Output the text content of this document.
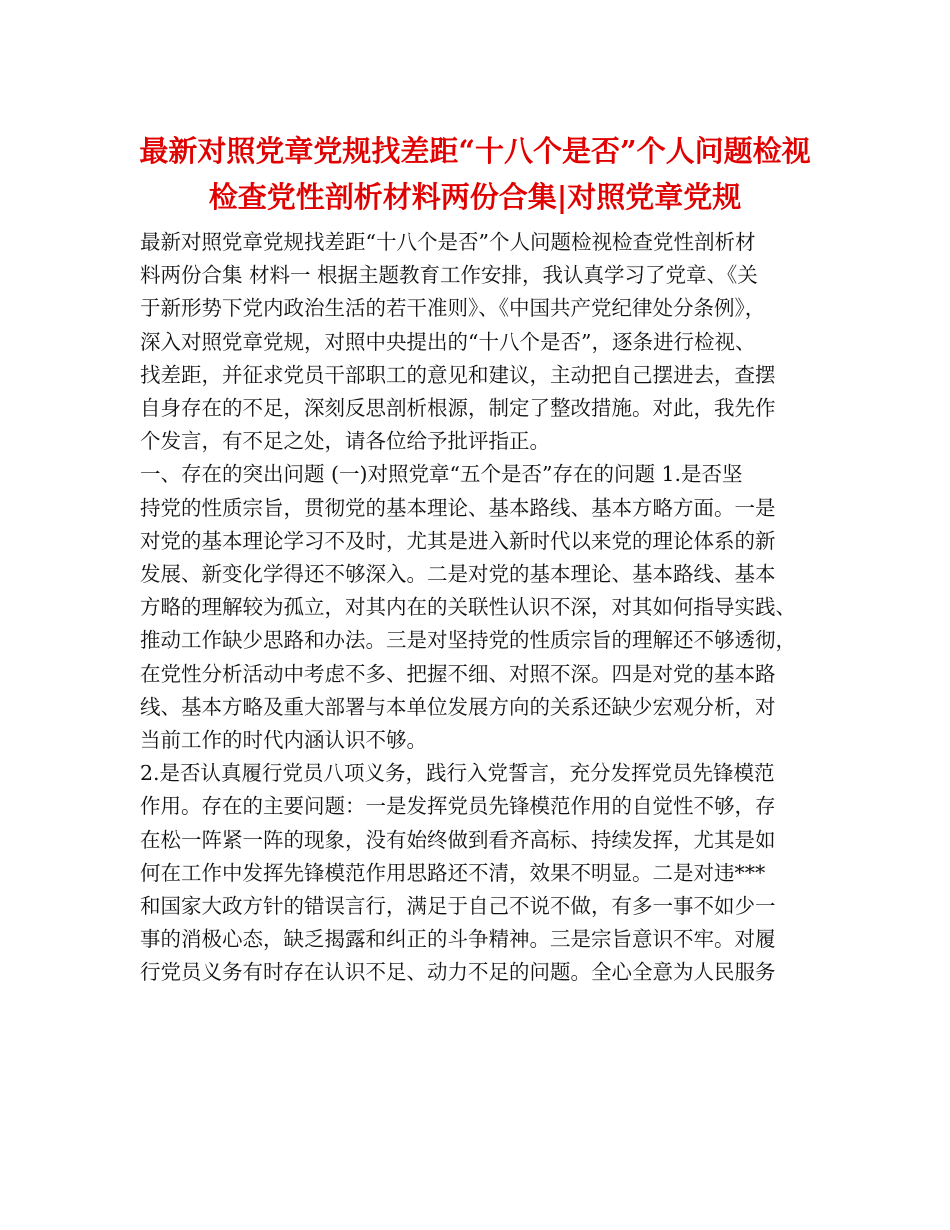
最新对照党章党规找差距“十八个是否”个人问题检视
检查党性剖析材料两份合集|对照党章党规

最新对照党章党规找差距“十八个是否”个人问题检视检查党性剖析材
料两份合集 材料一 根据主题教育工作安排，我认真学习了党章、《关
于新形势下党内政治生活的若干准则》、《中国共产党纪律处分条例》，
深入对照党章党规，对照中央提出的“十八个是否”，逐条进行检视、
找差距，并征求党员干部职工的意见和建议，主动把自己摆进去，查摆
自身存在的不足，深刻反思剖析根源，制定了整改措施。对此，我先作
个发言，有不足之处，请各位给予批评指正。

一、存在的突出问题 (一)对照党章“五个是否”存在的问题 1.是否坚
持党的性质宗旨，贯彻党的基本理论、基本路线、基本方略方面。一是
对党的基本理论学习不及时，尤其是进入新时代以来党的理论体系的新
发展、新变化学得还不够深入。二是对党的基本理论、基本路线、基本
方略的理解较为孤立，对其内在的关联性认识不深，对其如何指导实践、
推动工作缺少思路和办法。三是对坚持党的性质宗旨的理解还不够透彻，
在党性分析活动中考虑不多、把握不细、对照不深。四是对党的基本路
线、基本方略及重大部署与本单位发展方向的关系还缺少宏观分析，对
当前工作的时代内涵认识不够。

2.是否认真履行党员八项义务，践行入党誓言，充分发挥党员先锋模范
作用。存在的主要问题：一是发挥党员先锋模范作用的自觉性不够，存
在松一阵紧一阵的现象，没有始终做到看齐高标、持续发挥，尤其是如
何在工作中发挥先锋模范作用思路还不清，效果不明显。二是对违***
和国家大政方针的错误言行，满足于自己不说不做，有多一事不如少一
事的消极心态，缺乏揭露和纠正的斗争精神。三是宗旨意识不牢。对履
行党员义务有时存在认识不足、动力不足的问题。全心全意为人民服务
